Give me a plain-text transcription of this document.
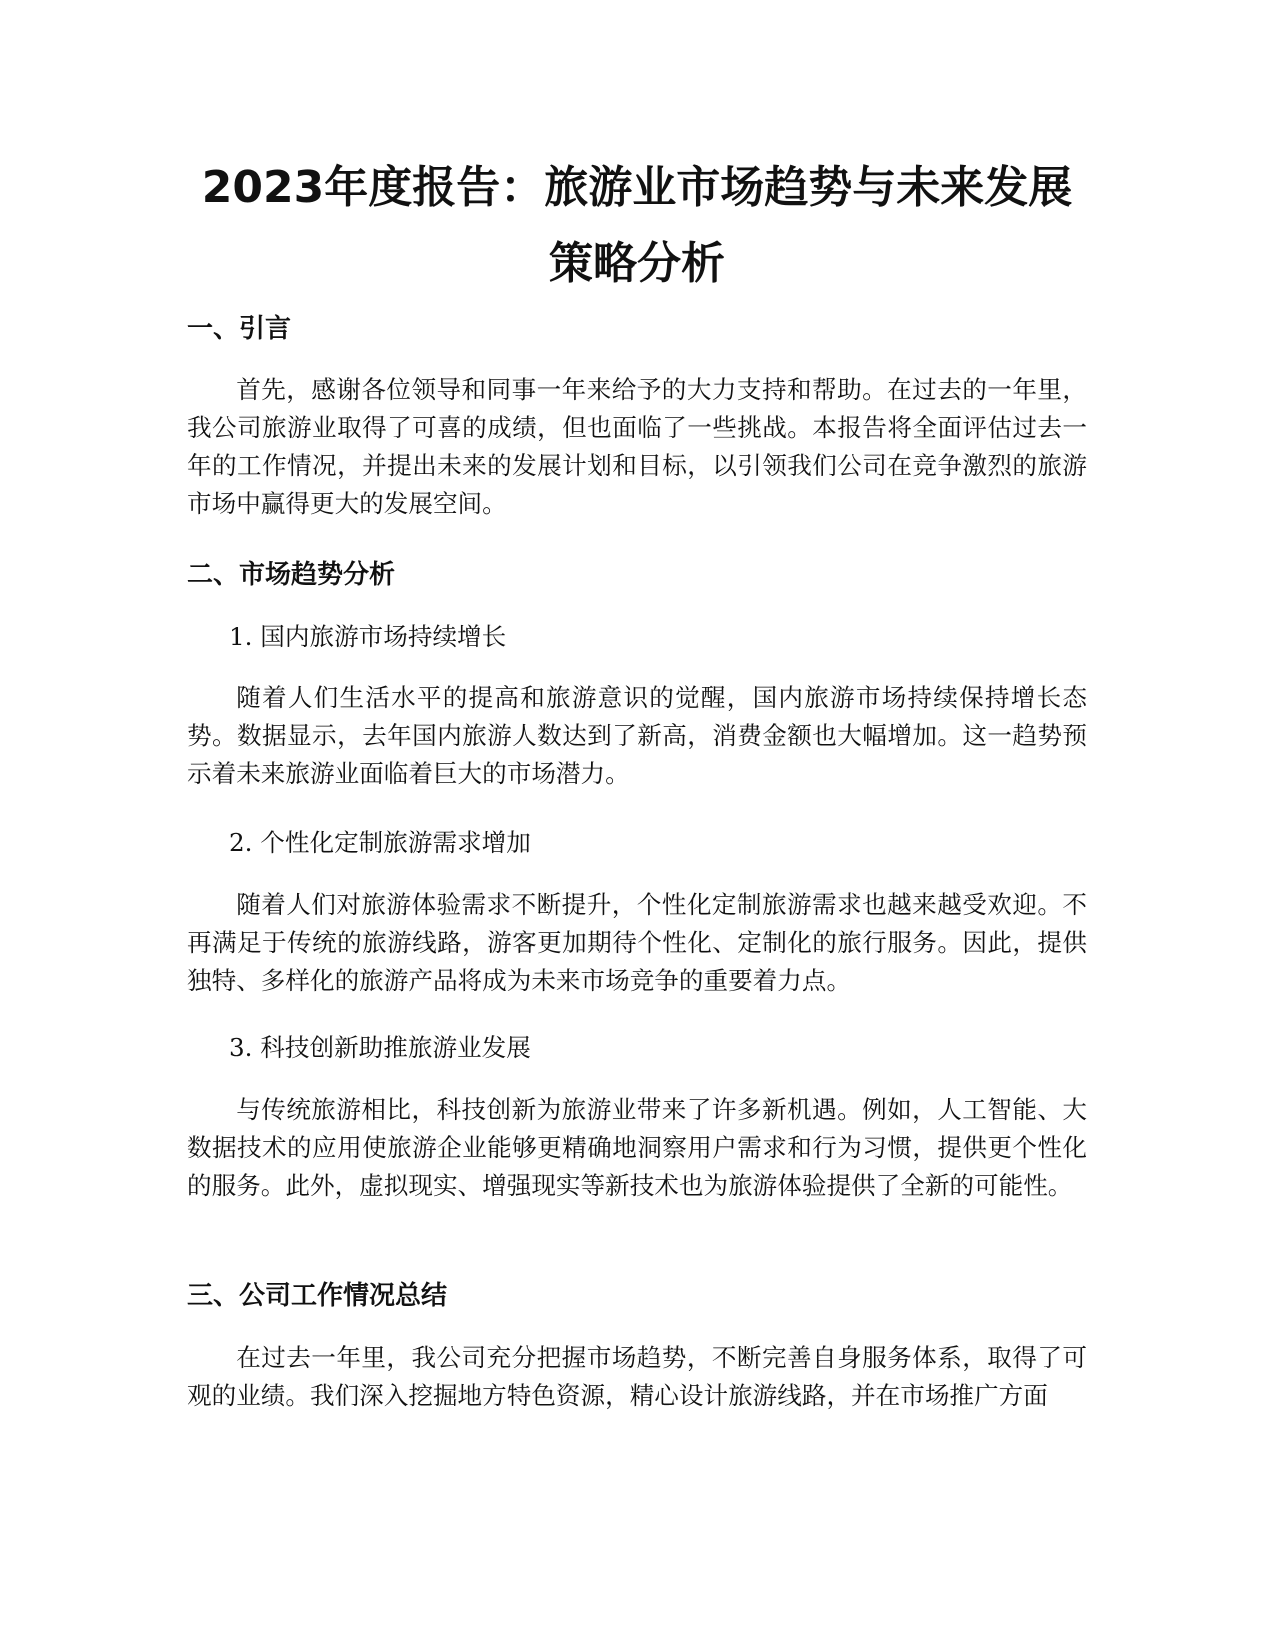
2023年度报告：旅游业市场趋势与未来发展策略分析
一、引言

首先，感谢各位领导和同事一年来给予的大力支持和帮助。在过去的一年里，我公司旅游业取得了可喜的成绩，但也面临了一些挑战。本报告将全面评估过去一年的工作情况，并提出未来的发展计划和目标，以引领我们公司在竞争激烈的旅游市场中赢得更大的发展空间。

二、市场趋势分析
1. 国内旅游市场持续增长

随着人们生活水平的提高和旅游意识的觉醒，国内旅游市场持续保持增长态势。数据显示，去年国内旅游人数达到了新高，消费金额也大幅增加。这一趋势预示着未来旅游业面临着巨大的市场潜力。

2. 个性化定制旅游需求增加

随着人们对旅游体验需求不断提升，个性化定制旅游需求也越来越受欢迎。不再满足于传统的旅游线路，游客更加期待个性化、定制化的旅行服务。因此，提供独特、多样化的旅游产品将成为未来市场竞争的重要着力点。

3. 科技创新助推旅游业发展

与传统旅游相比，科技创新为旅游业带来了许多新机遇。例如，人工智能、大数据技术的应用使旅游企业能够更精确地洞察用户需求和行为习惯，提供更个性化的服务。此外，虚拟现实、增强现实等新技术也为旅游体验提供了全新的可能性。

三、公司工作情况总结

在过去一年里，我公司充分把握市场趋势，不断完善自身服务体系，取得了可观的业绩。我们深入挖掘地方特色资源，精心设计旅游线路，并在市场推广方面
